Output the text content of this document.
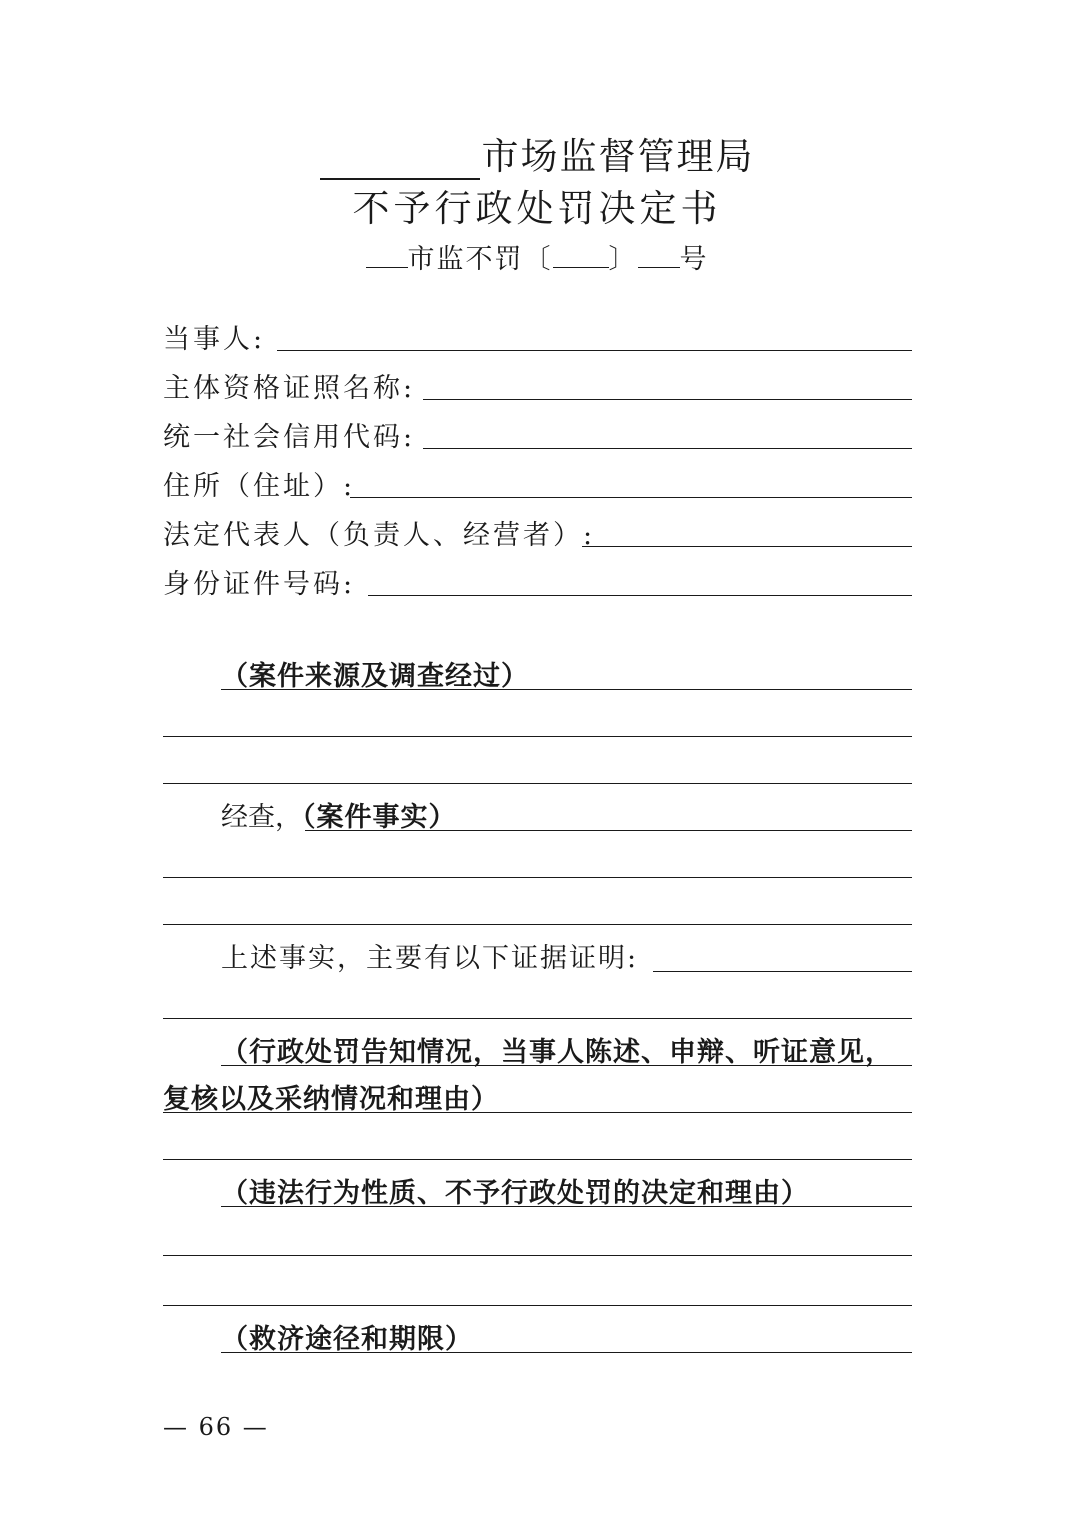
市场监督管理局
不予行政处罚决定书
市监不罚〔 〕 号
当事人:
主体资格证照名称:
统一社会信用代码:
住所（住址）:
法定代表人（负责人、经营者）:
身份证件号码:
（案件来源及调查经过）
经查，（案件事实）
上述事实，主要有以下证据证明:
（行政处罚告知情况，当事人陈述、申辩、听证意见，
复核以及采纳情况和理由）
（违法行为性质、不予行政处罚的决定和理由）
（救济途径和期限）
— 66 —
